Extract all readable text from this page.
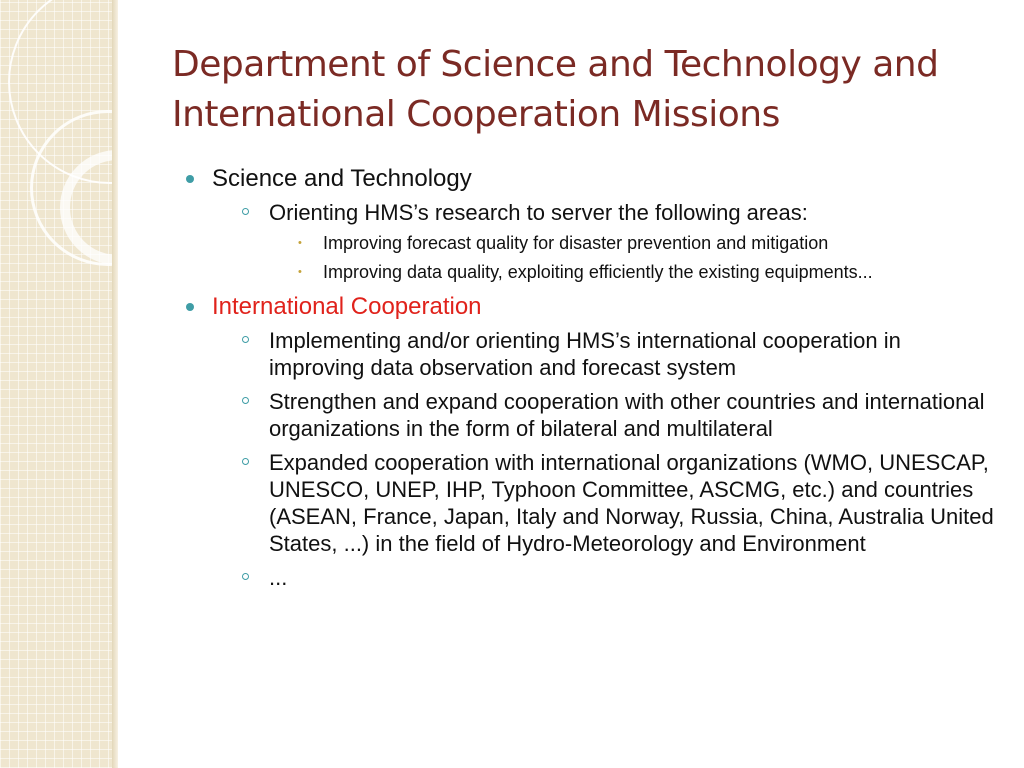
Department of Science and Technology and International Cooperation Missions
Science and Technology
Orienting HMS’s research to server the following areas:
• Improving forecast quality for disaster prevention and mitigation
• Improving data quality, exploiting efficiently the existing equipments...
International Cooperation
Implementing and/or orienting HMS’s international cooperation in improving data observation and forecast system
Strengthen and expand cooperation with other countries and international organizations in the form of bilateral and multilateral
Expanded cooperation with international organizations (WMO, UNESCAP, UNESCO, UNEP, IHP, Typhoon Committee, ASCMG, etc.) and countries (ASEAN, France, Japan, Italy and Norway, Russia, China, Australia United States, ...) in the field of Hydro-Meteorology and Environment
...
